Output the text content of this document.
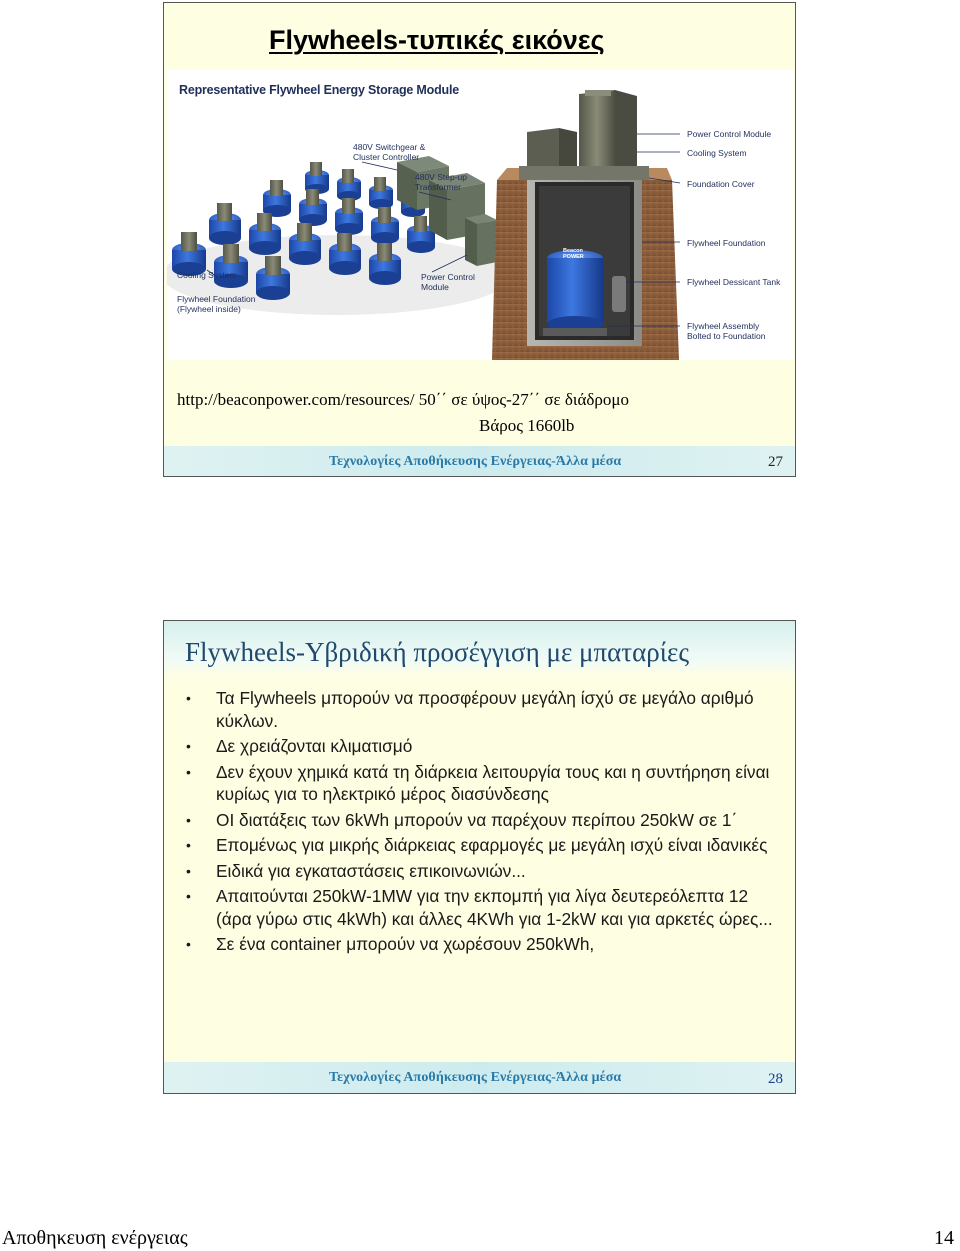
Flywheels-τυπικές εικόνες
Representative Flywheel Energy Storage Module
480V Switchgear &
Cluster Controller
480V Step-up
Transformer
Cooling System
Flywheel Foundation
(Flywheel inside)
Power Control
Module
Power Control Module
Cooling System
Foundation Cover
Flywheel Foundation
Flywheel Dessicant Tank
Flywheel Assembly
Bolted to Foundation
Beacon
POWER
http://beaconpower.com/resources/ 50΄΄ σε ύψος-27΄΄ σε διάδρομο
Βάρος 1660lb
Τεχνολογίες Αποθήκευσης Ενέργειας-Άλλα μέσα	27
Flywheels-Υβριδική προσέγγιση με μπαταρίες
• Τα Flywheels μπορούν να προσφέρουν μεγάλη ίσχύ σε μεγάλο αριθμό κύκλων.
• Δε χρειάζονται κλιματισμό
• Δεν έχουν χημικά κατά τη διάρκεια λειτουργία τους και η συντήρηση είναι κυρίως για το ηλεκτρικό μέρος διασύνδεσης
• ΟΙ διατάξεις των 6kWh μπορούν να παρέχουν περίπου 250kW σε 1΄
• Επομένως για μικρής διάρκειας εφαρμογές με μεγάλη ισχύ είναι ιδανικές
• Ειδικά για εγκαταστάσεις επικοινωνιών...
• Απαιτούνται 250kW-1MW για την εκπομπή για λίγα δευτερεόλεπτα 12 (άρα γύρω στις 4kWh) και άλλες 4KWh για 1-2kW και για αρκετές ώρες...
• Σε ένα container μπορούν να χωρέσουν 250kWh,
Τεχνολογίες Αποθήκευσης Ενέργειας-Άλλα μέσα	28
Αποθηκευση ενέργειας	14
